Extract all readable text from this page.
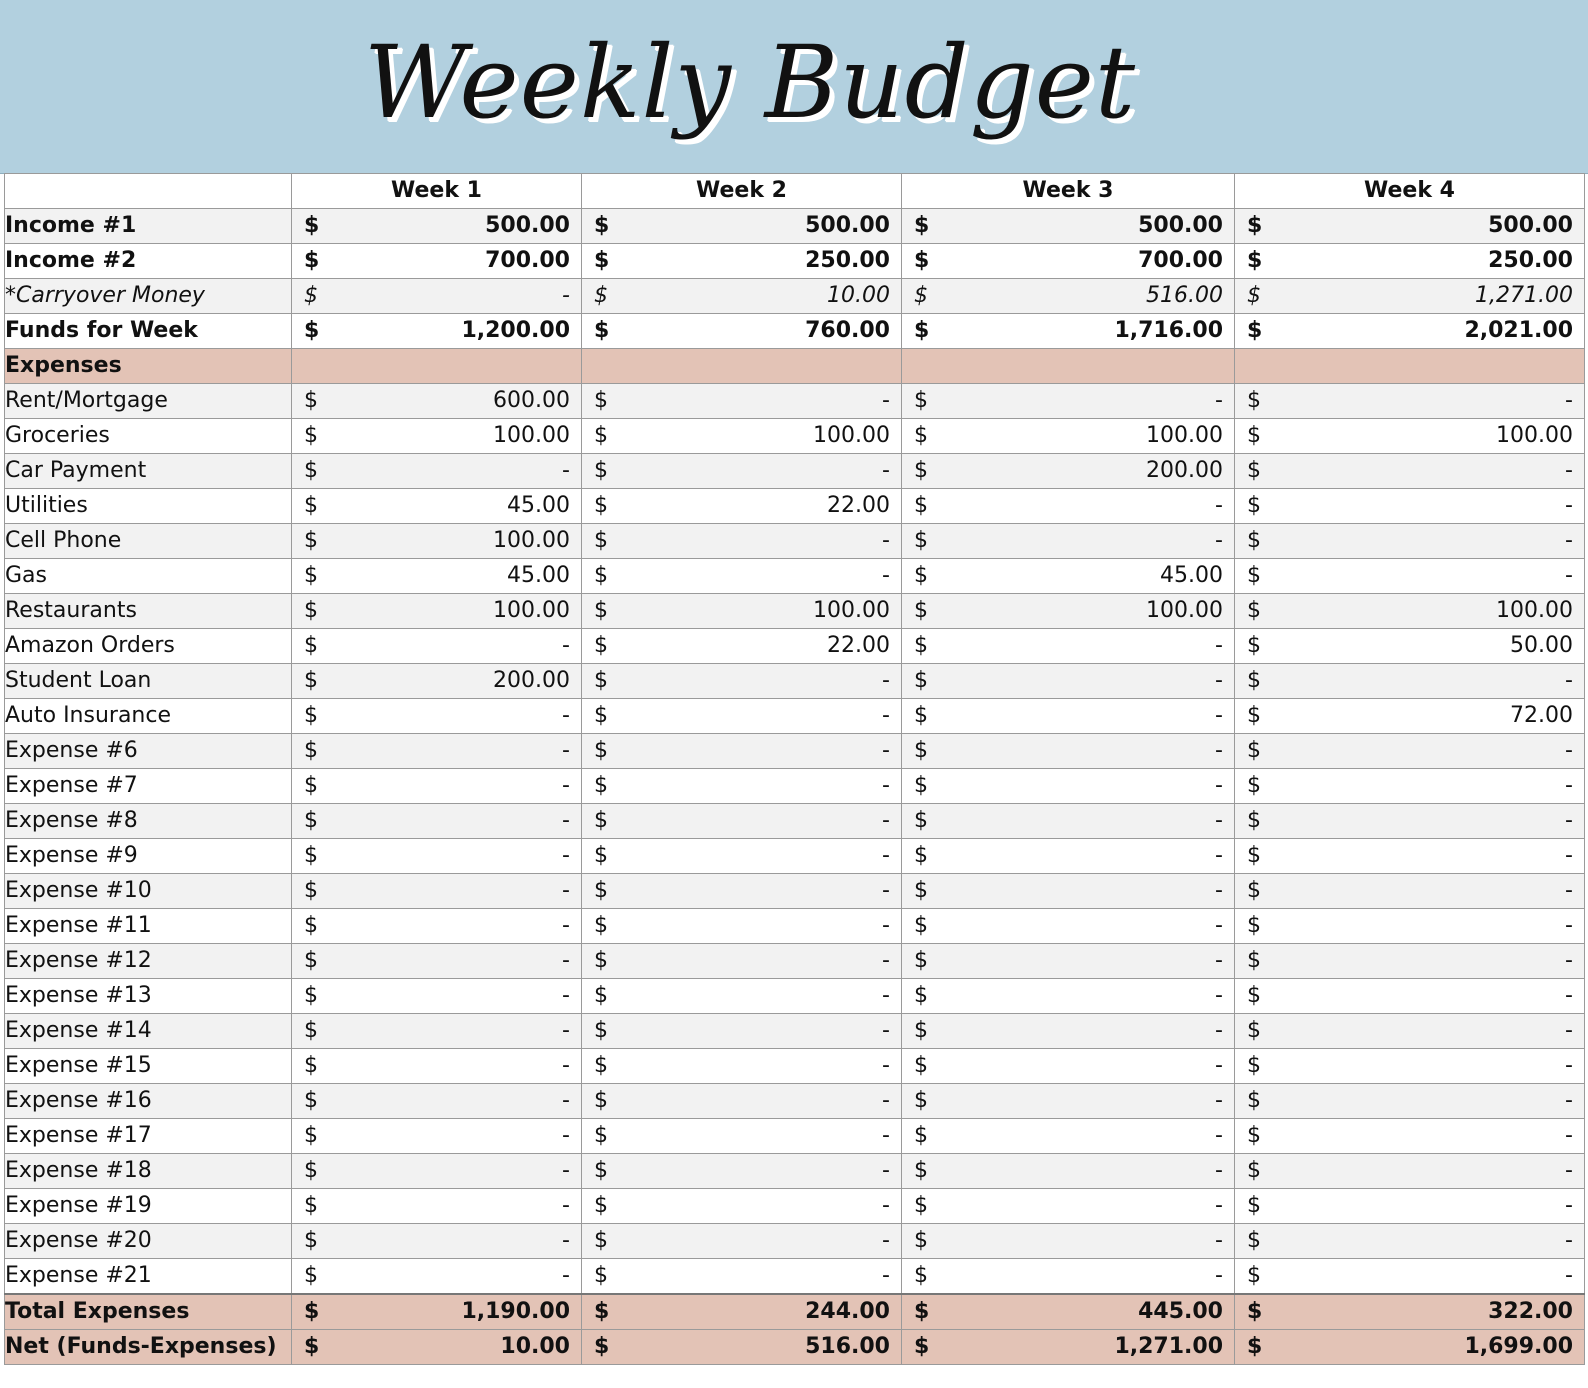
Weekly Budget
	Week 1	Week 2	Week 3	Week 4
Income #1	$ 500.00	$ 500.00	$ 500.00	$ 500.00

Income #2	$ 700.00	$ 250.00	$ 700.00	$ 250.00

*Carryover Money	$ -	$ 10.00	$ 516.00	$ 1,271.00

Funds for Week	$ 1,200.00	$ 760.00	$ 1,716.00	$ 2,021.00

Expenses				
Rent/Mortgage	$ 600.00	$ -	$ -	$ -

Groceries	$ 100.00	$ 100.00	$ 100.00	$ 100.00

Car Payment	$ -	$ -	$ 200.00	$ -

Utilities	$ 45.00	$ 22.00	$ -	$ -

Cell Phone	$ 100.00	$ -	$ -	$ -

Gas	$ 45.00	$ -	$ 45.00	$ -

Restaurants	$ 100.00	$ 100.00	$ 100.00	$ 100.00

Amazon Orders	$ -	$ 22.00	$ -	$ 50.00

Student Loan	$ 200.00	$ -	$ -	$ -

Auto Insurance	$ -	$ -	$ -	$ 72.00

Expense #6	$ -	$ -	$ -	$ -

Expense #7	$ -	$ -	$ -	$ -

Expense #8	$ -	$ -	$ -	$ -

Expense #9	$ -	$ -	$ -	$ -

Expense #10	$ -	$ -	$ -	$ -

Expense #11	$ -	$ -	$ -	$ -

Expense #12	$ -	$ -	$ -	$ -

Expense #13	$ -	$ -	$ -	$ -

Expense #14	$ -	$ -	$ -	$ -

Expense #15	$ -	$ -	$ -	$ -

Expense #16	$ -	$ -	$ -	$ -

Expense #17	$ -	$ -	$ -	$ -

Expense #18	$ -	$ -	$ -	$ -

Expense #19	$ -	$ -	$ -	$ -

Expense #20	$ -	$ -	$ -	$ -

Expense #21	$ -	$ -	$ -	$ -

Total Expenses	$ 1,190.00	$ 244.00	$ 445.00	$ 322.00

Net (Funds-Expenses)	$ 10.00	$ 516.00	$ 1,271.00	$ 1,699.00
